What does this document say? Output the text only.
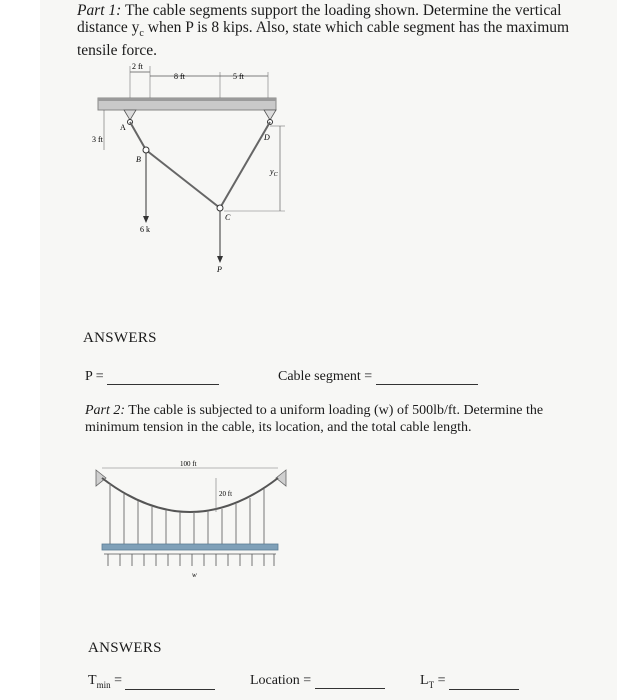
Part 1: The cable segments support the loading shown. Determine the vertical distance $y_c$ when P is 8 kips. Also, state which cable segment has the maximum tensile force.
2 ft
8 ft	5 ft
A
3 ft	D
B
C
6 k
P
$y_C$
ANSWERS
P =	Cable segment =
Part 2: The cable is subjected to a uniform loading (w) of 500lb/ft. Determine the minimum tension in the cable, its location, and the total cable length.
100 ft
20 ft
w
ANSWERS
$T_{min}$ =	Location =	$L_T$ =
